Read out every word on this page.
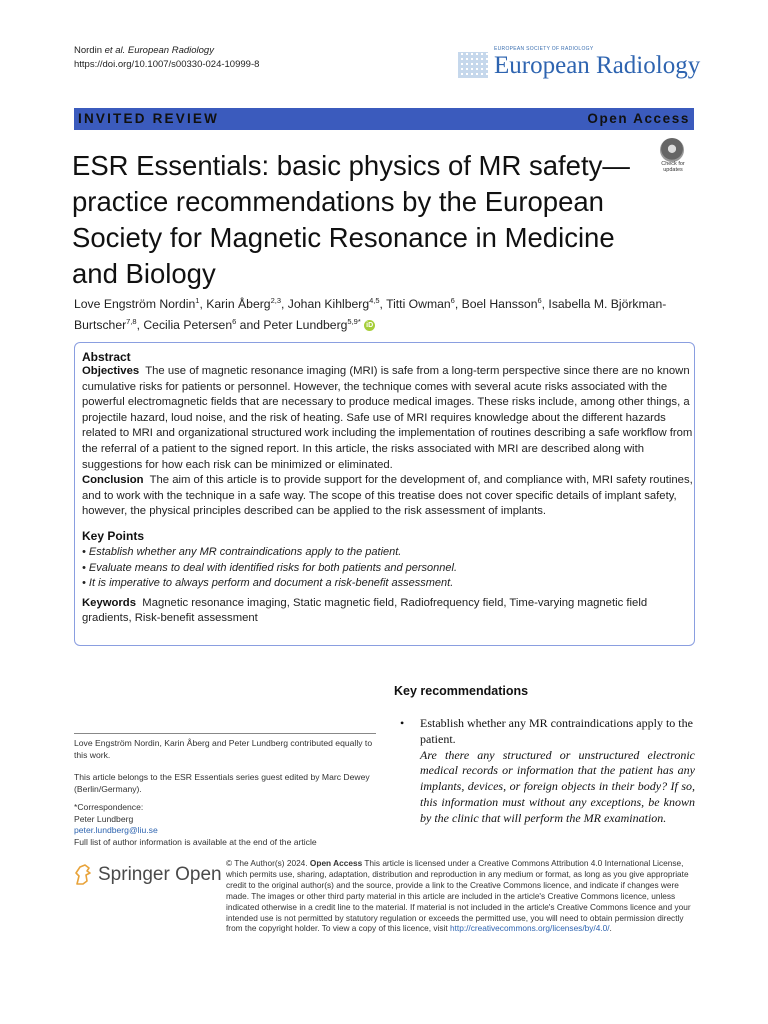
Nordin et al. European Radiology
https://doi.org/10.1007/s00330-024-10999-8
EUROPEAN SOCIETY OF RADIOLOGY
European Radiology
INVITED REVIEW	Open Access
ESR Essentials: basic physics of MR safety—practice recommendations by the European Society for Magnetic Resonance in Medicine and Biology
Check for updates
Love Engström Nordin$^1$, Karin Åberg$^{2,3}$, Johan Kihlberg$^{4,5}$, Titti Owman$^6$, Boel Hansson$^6$, Isabella M. Björkman-Burtscher$^{7,8}$, Cecilia Petersen$^6$ and Peter Lundberg$^{5,9*}$ iD
Abstract

Objectives The use of magnetic resonance imaging (MRI) is safe from a long-term perspective since there are no known cumulative risks for patients or personnel. However, the technique comes with several acute risks associated with the powerful electromagnetic fields that are necessary to produce medical images. These risks include, among other things, a projectile hazard, loud noise, and the risk of heating. Safe use of MRI requires knowledge about the different hazards related to MRI and organizational structured work including the implementation of routines describing a safe workflow from the referral of a patient to the signed report. In this article, the risks associated with MRI are described along with suggestions for how each risk can be minimized or eliminated.

Conclusion The aim of this article is to provide support for the development of, and compliance with, MRI safety routines, and to work with the technique in a safe way. The scope of this treatise does not cover specific details of implant safety, however, the physical principles described can be applied to the risk assessment of implants.

Key Points
• Establish whether any MR contraindications apply to the patient.
• Evaluate means to deal with identified risks for both patients and personnel.
• It is imperative to always perform and document a risk-benefit assessment.

Keywords Magnetic resonance imaging, Static magnetic field, Radiofrequency field, Time-varying magnetic field gradients, Risk-benefit assessment

Key recommendations
• Establish whether any MR contraindications apply to the patient.
Are there any structured or unstructured electronic medical records or information that the patient has any implants, devices, or foreign objects in their body? If so, this information must without any exceptions, be known by the clinic that will perform the MR examination.
Love Engström Nordin, Karin Åberg and Peter Lundberg contributed equally to this work.
This article belongs to the ESR Essentials series guest edited by Marc Dewey (Berlin/Germany).
*Correspondence:
Peter Lundberg
peter.lundberg@liu.se
Full list of author information is available at the end of the article
Springer Open
© The Author(s) 2024. Open Access This article is licensed under a Creative Commons Attribution 4.0 International License, which permits use, sharing, adaptation, distribution and reproduction in any medium or format, as long as you give appropriate credit to the original author(s) and the source, provide a link to the Creative Commons licence, and indicate if changes were made. The images or other third party material in this article are included in the article's Creative Commons licence, unless indicated otherwise in a credit line to the material. If material is not included in the article's Creative Commons licence and your intended use is not permitted by statutory regulation or exceeds the permitted use, you will need to obtain permission directly from the copyright holder. To view a copy of this licence, visit http://creativecommons.org/licenses/by/4.0/.
